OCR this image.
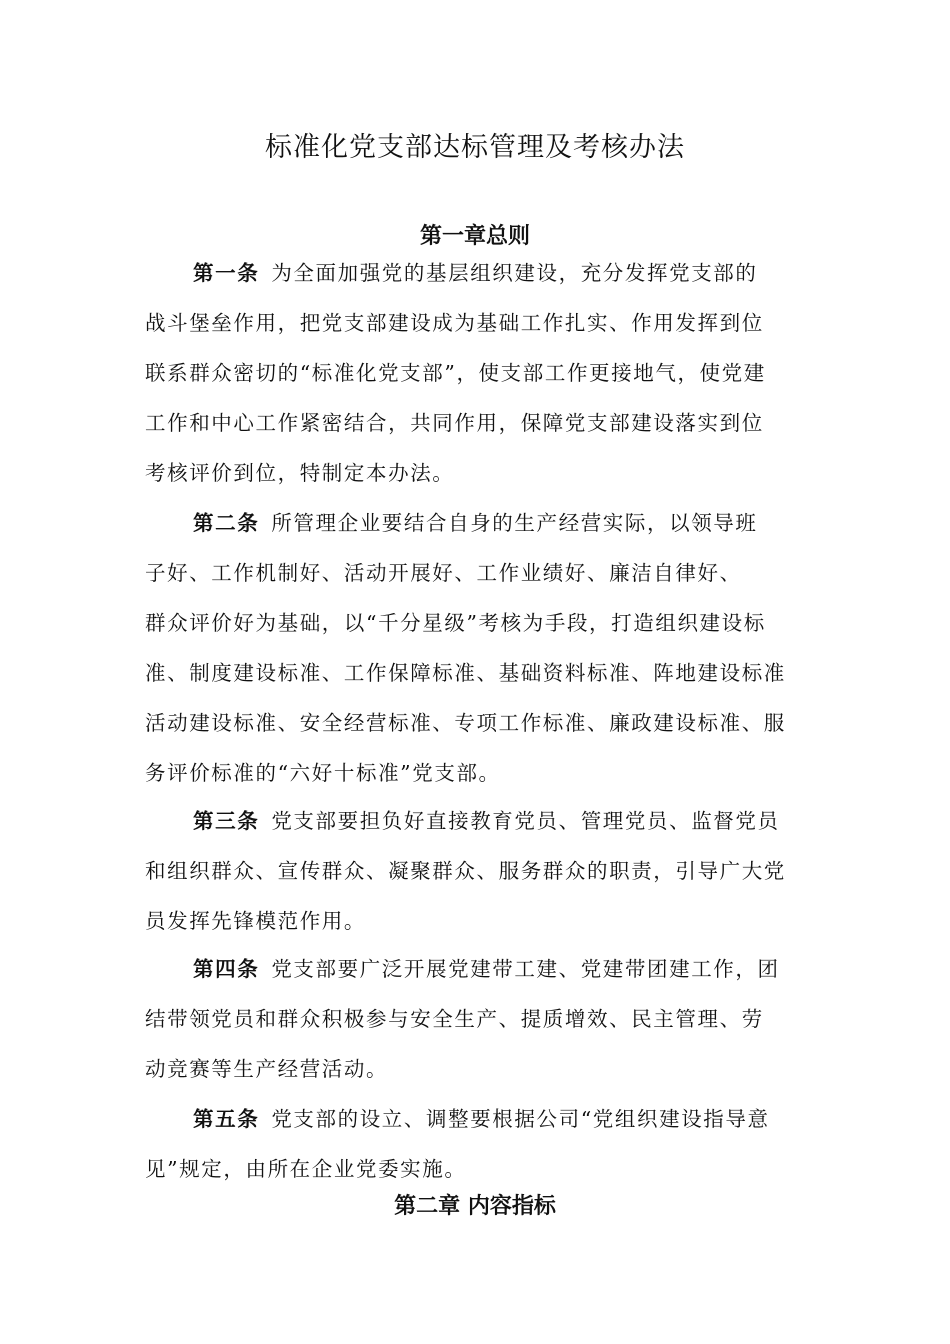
标准化党支部达标管理及考核办法
第一章总则
第一条 为全面加强党的基层组织建设，充分发挥党支部的
战斗堡垒作用，把党支部建设成为基础工作扎实、作用发挥到位
联系群众密切的“标准化党支部”，使支部工作更接地气，使党建
工作和中心工作紧密结合，共同作用，保障党支部建设落实到位
考核评价到位，特制定本办法。
第二条 所管理企业要结合自身的生产经营实际，以领导班
子好、工作机制好、活动开展好、工作业绩好、廉洁自律好、
群众评价好为基础，以“千分星级”考核为手段，打造组织建设标
准、制度建设标准、工作保障标准、基础资料标准、阵地建设标准
活动建设标准、安全经营标准、专项工作标准、廉政建设标准、服
务评价标准的“六好十标准”党支部。
第三条 党支部要担负好直接教育党员、管理党员、监督党员
和组织群众、宣传群众、凝聚群众、服务群众的职责，引导广大党
员发挥先锋模范作用。
第四条 党支部要广泛开展党建带工建、党建带团建工作，团
结带领党员和群众积极参与安全生产、提质增效、民主管理、劳
动竞赛等生产经营活动。
第五条 党支部的设立、调整要根据公司“党组织建设指导意
见”规定，由所在企业党委实施。
第二章 内容指标
